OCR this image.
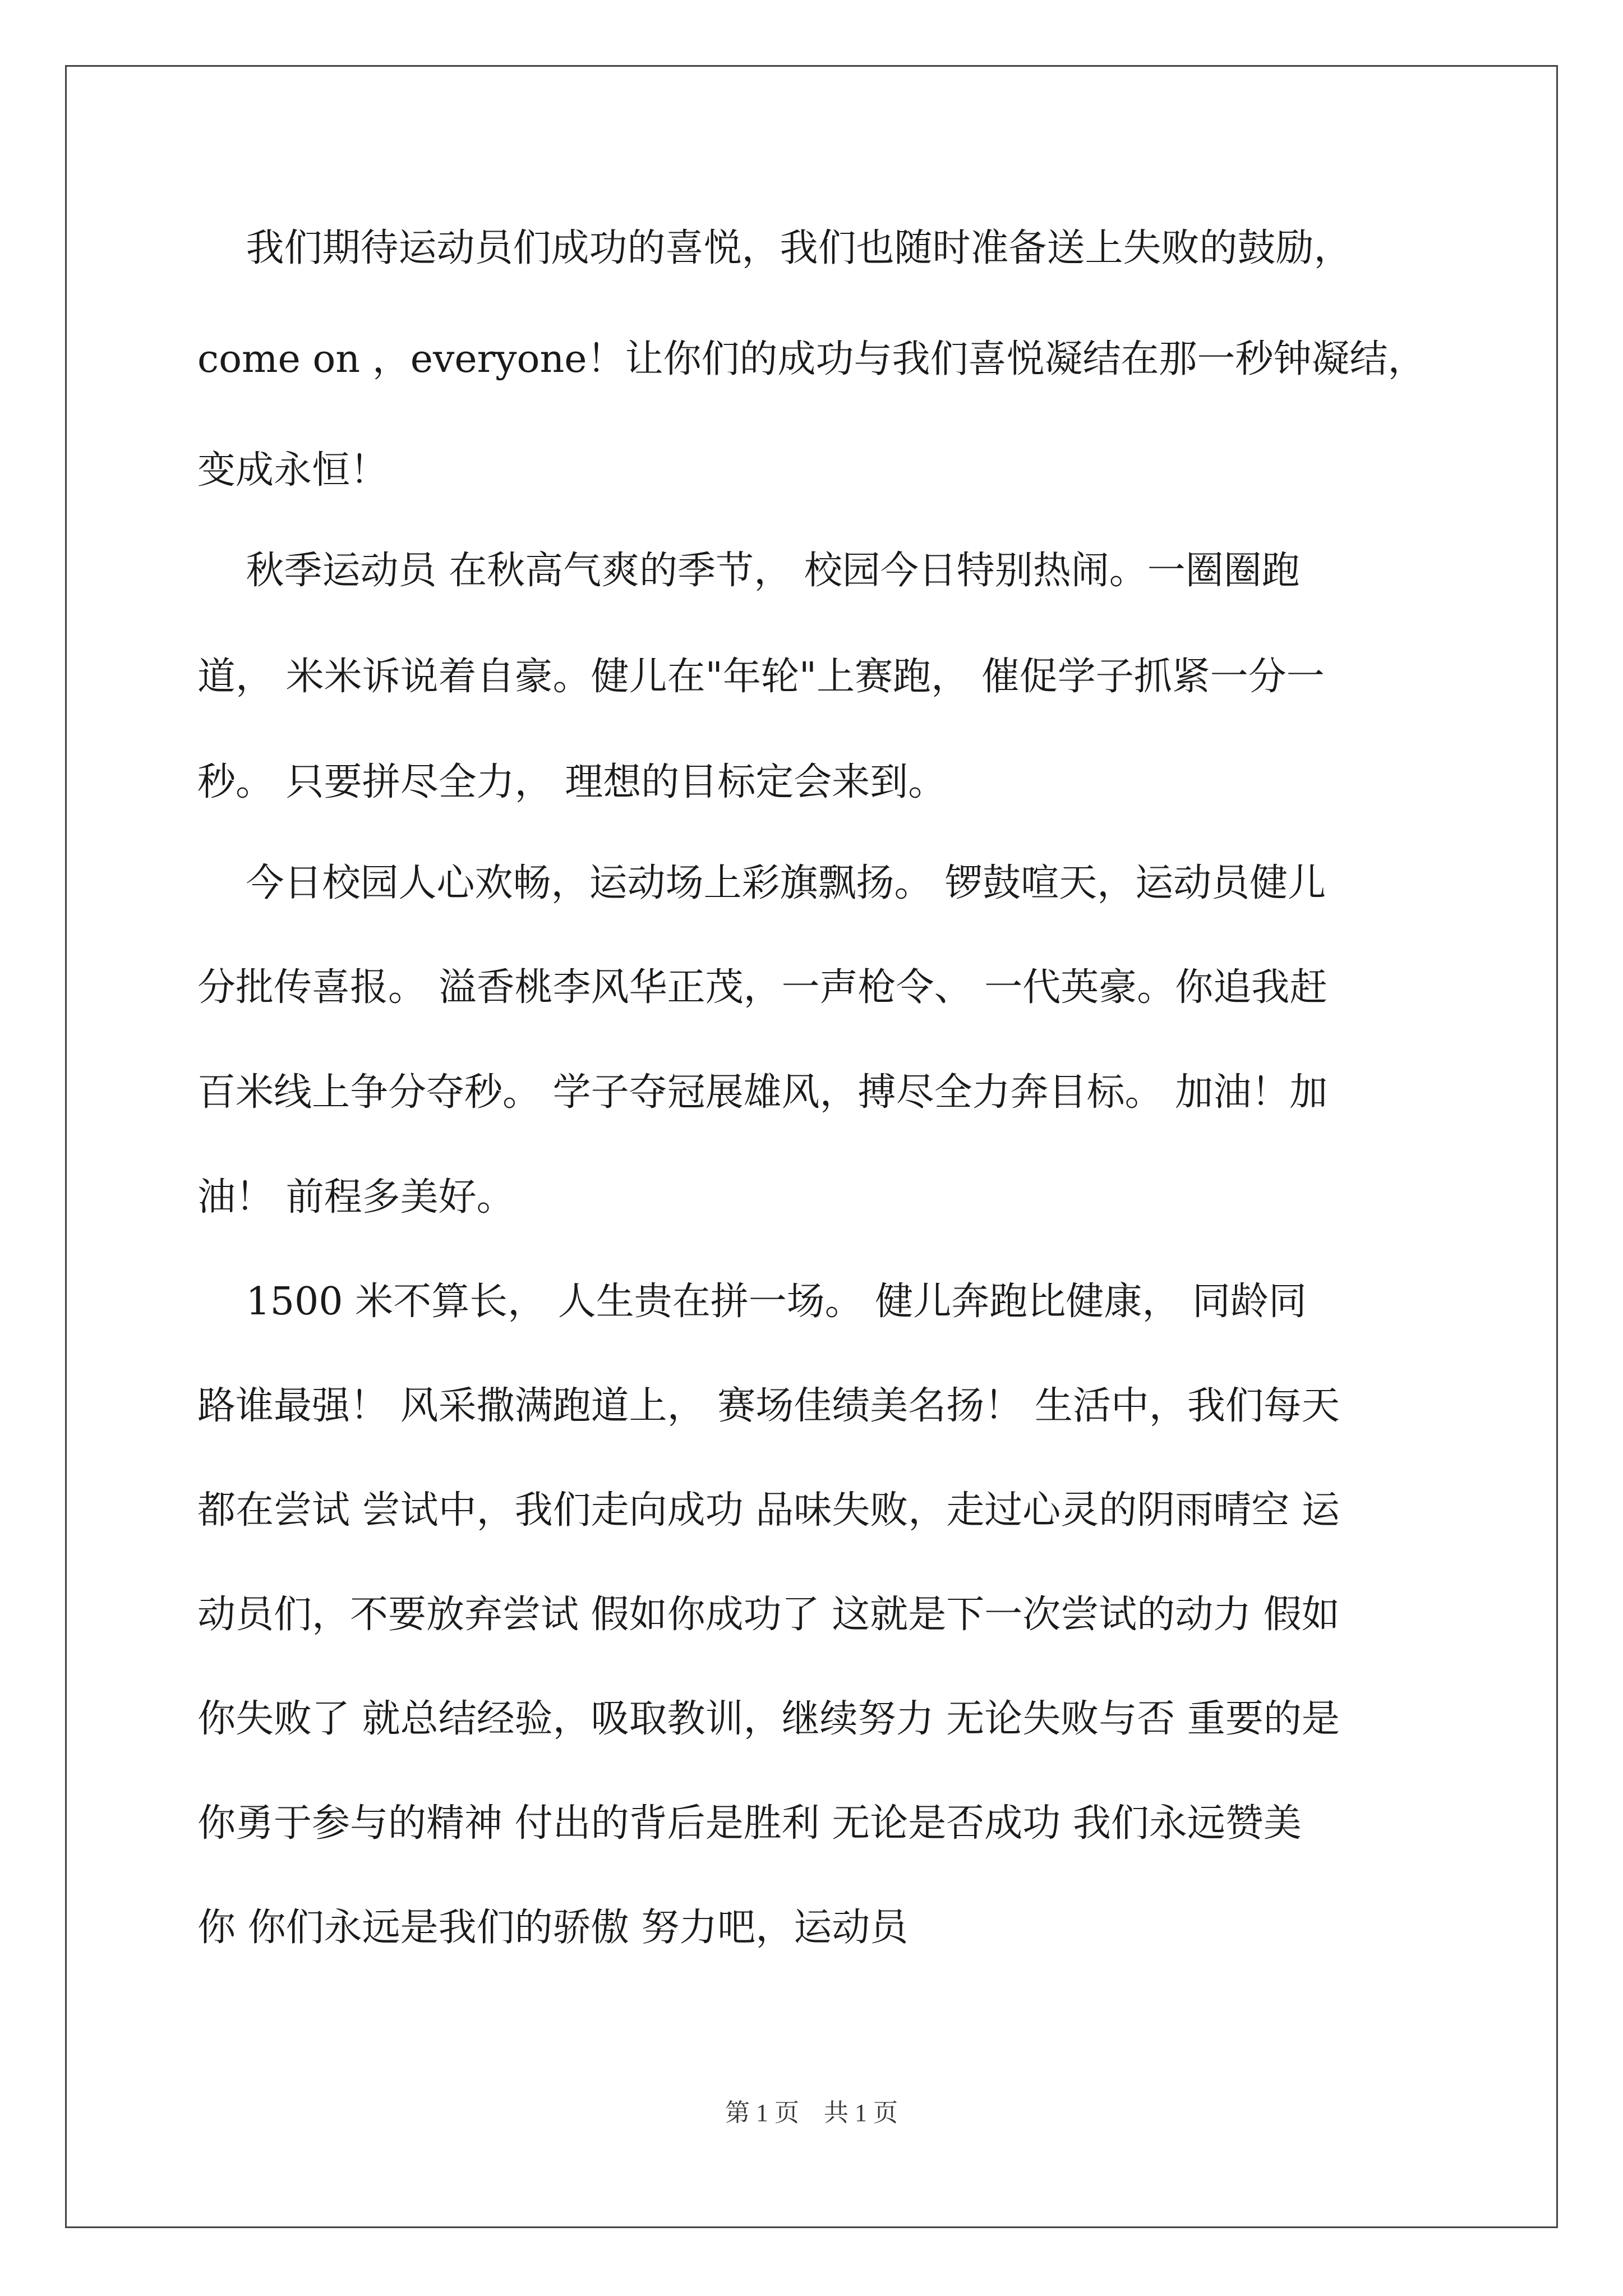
我们期待运动员们成功的喜悦，我们也随时准备送上失败的鼓励，
come on ，everyone！让你们的成功与我们喜悦凝结在那一秒钟凝结，
变成永恒！
秋季运动员 在秋高气爽的季节， 校园今日特别热闹。一圈圈跑
道， 米米诉说着自豪。健儿在"年轮"上赛跑， 催促学子抓紧一分一
秒。 只要拼尽全力， 理想的目标定会来到。
今日校园人心欢畅，运动场上彩旗飘扬。 锣鼓喧天，运动员健儿
分批传喜报。 溢香桃李风华正茂，一声枪令、 一代英豪。你追我赶
百米线上争分夺秒。 学子夺冠展雄风，搏尽全力奔目标。 加油！加
油！ 前程多美好。
1500 米不算长， 人生贵在拼一场。 健儿奔跑比健康， 同龄同
路谁最强！ 风采撒满跑道上， 赛场佳绩美名扬！ 生活中，我们每天
都在尝试 尝试中，我们走向成功 品味失败，走过心灵的阴雨晴空 运
动员们，不要放弃尝试 假如你成功了 这就是下一次尝试的动力 假如
你失败了 就总结经验，吸取教训，继续努力 无论失败与否 重要的是
你勇于参与的精神 付出的背后是胜利 无论是否成功 我们永远赞美
你 你们永远是我们的骄傲 努力吧，运动员
第 1 页　共 1 页
